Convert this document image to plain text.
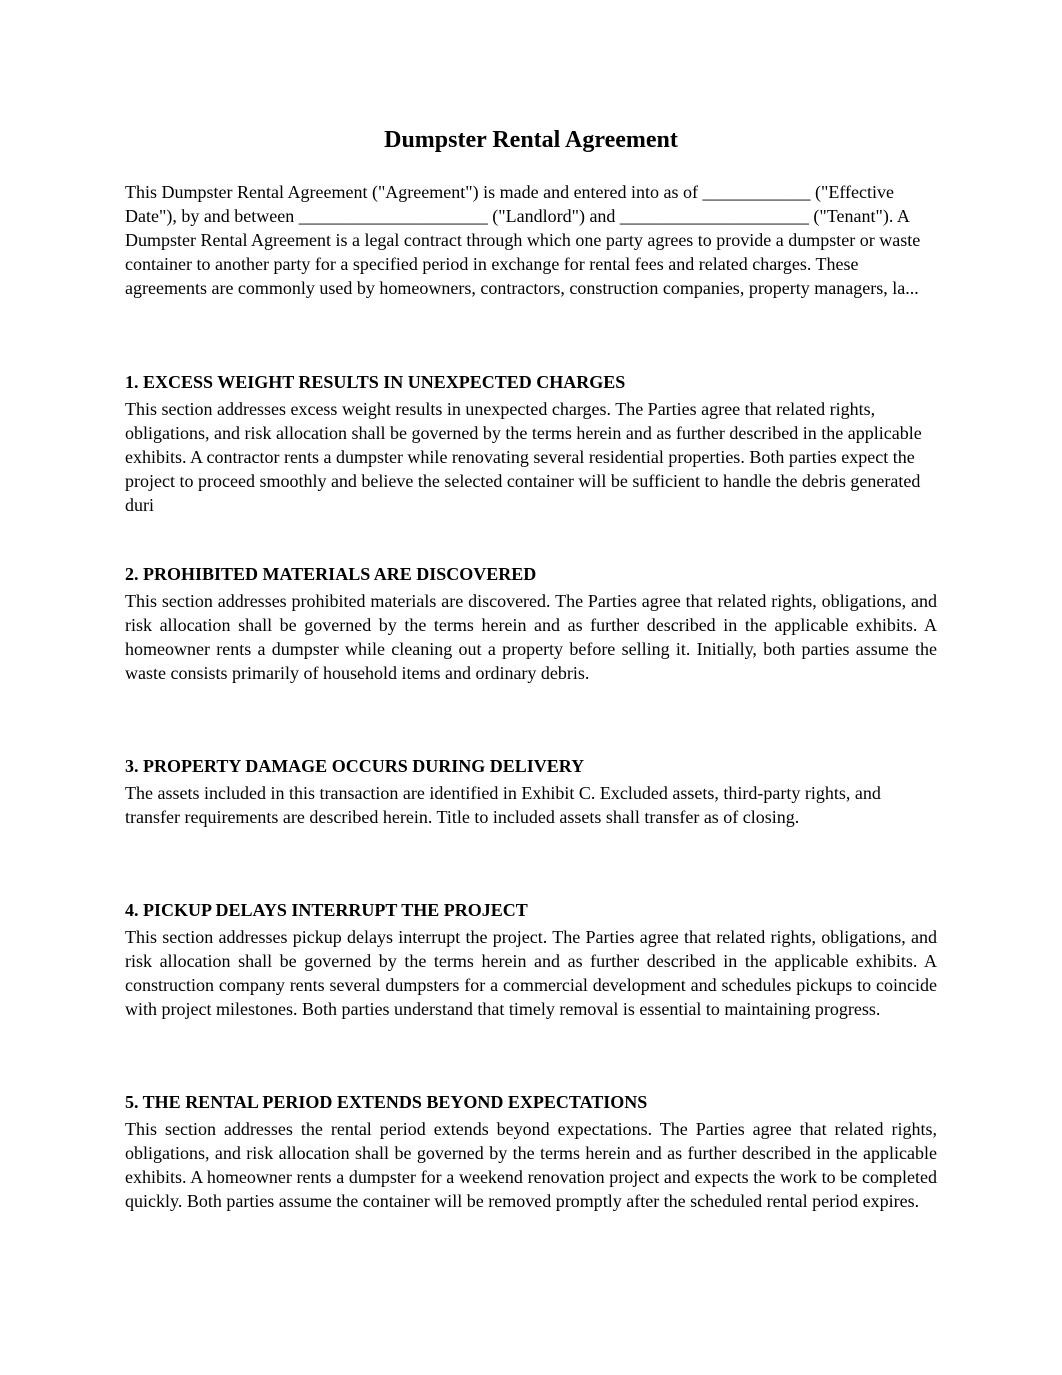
Dumpster Rental Agreement

This Dumpster Rental Agreement ("Agreement") is made and entered into as of ____________ ("Effective Date"), by and between _____________________ ("Landlord") and _____________________ ("Tenant"). A Dumpster Rental Agreement is a legal contract through which one party agrees to provide a dumpster or waste container to another party for a specified period in exchange for rental fees and related charges. These agreements are commonly used by homeowners, contractors, construction companies, property managers, la...

1. EXCESS WEIGHT RESULTS IN UNEXPECTED CHARGES

This section addresses excess weight results in unexpected charges. The Parties agree that related rights, obligations, and risk allocation shall be governed by the terms herein and as further described in the applicable exhibits. A contractor rents a dumpster while renovating several residential properties. Both parties expect the project to proceed smoothly and believe the selected container will be sufficient to handle the debris generated duri

2. PROHIBITED MATERIALS ARE DISCOVERED

This section addresses prohibited materials are discovered. The Parties agree that related rights, obligations, and risk allocation shall be governed by the terms herein and as further described in the applicable exhibits. A homeowner rents a dumpster while cleaning out a property before selling it. Initially, both parties assume the waste consists primarily of household items and ordinary debris.

3. PROPERTY DAMAGE OCCURS DURING DELIVERY

The assets included in this transaction are identified in Exhibit C. Excluded assets, third-party rights, and transfer requirements are described herein. Title to included assets shall transfer as of closing.

4. PICKUP DELAYS INTERRUPT THE PROJECT

This section addresses pickup delays interrupt the project. The Parties agree that related rights, obligations, and risk allocation shall be governed by the terms herein and as further described in the applicable exhibits. A construction company rents several dumpsters for a commercial development and schedules pickups to coincide with project milestones. Both parties understand that timely removal is essential to maintaining progress.

5. THE RENTAL PERIOD EXTENDS BEYOND EXPECTATIONS

This section addresses the rental period extends beyond expectations. The Parties agree that related rights, obligations, and risk allocation shall be governed by the terms herein and as further described in the applicable exhibits. A homeowner rents a dumpster for a weekend renovation project and expects the work to be completed quickly. Both parties assume the container will be removed promptly after the scheduled rental period expires.
